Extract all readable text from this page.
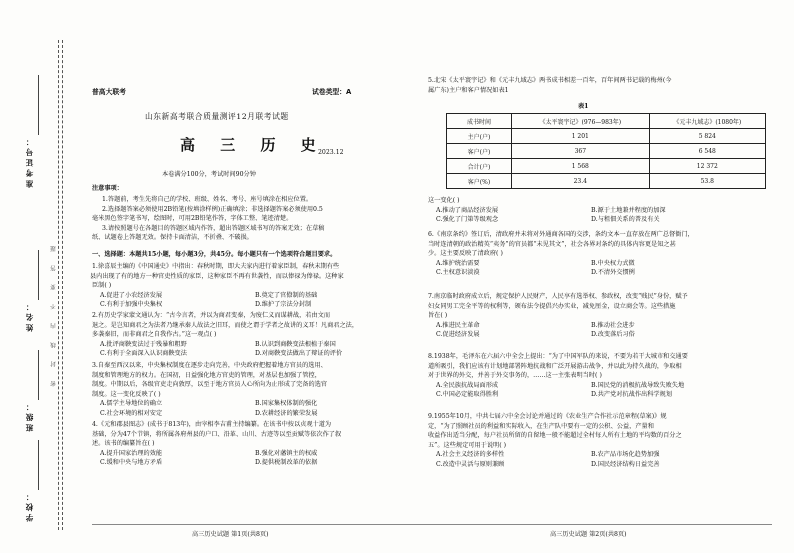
准考证号：
姓名：
班级：
学校：
密 封 线 内 不 要 答 题
普高大联考	试卷类型：A
山东新高考联合质量测评12月联考试题
高 三 历 史
2023.12
本卷满分100分，考试时间90分钟
注意事项：
1.答题前，考生先将自己的学校、班级、姓名、考号、座号填涂在相应位置。
2.选择题答案必须使用2B铅笔(按填涂样例)正确填涂；非选择题答案必须使用0.5
毫米黑色签字笔书写，绘图时，可用2B铅笔作答，字体工整、笔迹清楚。
3.请按照题号在各题目的答题区域内作答，超出答题区域书写的答案无效；在草稿
纸、试题卷上答题无效。保持卡面清洁，不折叠、不破损。
一、选择题：本题共15小题，每小题3分，共45分。每小题只有一个选项符合题目要求。
1.徐喜辰主编的《中国通史》中指出：春秋时期，即大夫家内进行着家臣制，春秋末期有些
县内出现了有的地方一种官吏性质的家臣，这种家臣不再有世袭性，而以俸禄为俸禄。这种家
臣制( )
A.促进了小农经济发展	B.奠定了官僚制的基础
C.有利于加强中央集权	D.维护了宗法分封制
2.有历史学家蒙文通认为：“古今言者，并以为商君变秦，为废仁义而谋耕战，若由文而
退之。是岂知商君之为法者乃继承秦人故法之旧耳，而使之谓于学者之故讲的义耳！凡商君之法，
多袭秦旧，而非商君之自我作古。”这一观点( )
A.批评商鞅变法过于残暴和粗野	B.认识到商鞅变法根植于秦国
C.有利于全面深入认识商鞅变法	D.对商鞅变法做出了辩证的评价
3.自秦至西汉以来，中央集权制度在逐步走向完善，中央政府把握着地方官员的选用、
制度和管理地方的权力。在国初，日益强化地方官吏的管理，对基层也加强了管控，
制度。中期以后，各级官吏走向敦厚，以至于地方官员人心所向为止形成了完备的选官
制度。这一变化反映了( )
A.儒学主导地位的确立	B.国家集权体制的强化
C.社会环境的相对安定	D.农耕经济的繁荣发展
4.《元和郡县图志》(成书于813年)，由宰相李吉甫主持编纂。在该书中按以贞观十道为
基础，分为47个节镇，将所属各府州县的户口、沿革、山川、古迹等以至贡赋等依次作了叙
述。该书的编纂旨在( )
A.提升国家治理的效能	B.强化对藩镇主的权威
C.缓和中央与地方矛盾	D.提供税制改革的依据
5.北宋《太平寰宇记》和《元丰九域志》两书成书相差一百年，百年间两书记载的梅州(今
属广东)主户和客户情况如表1
表1
成书时间	《太平寰宇记》(976—983年)	《元丰九域志》(1080年)
主户(户)	1 201	5 824
客户(户)	367	6 548
合计(户)	1 568	12 372
客户(%)	23.4	53.8
这一变化( )
A.推动了商品经济发展	B.源于土地兼并程度的加深
C.强化了门第等级观念	D.与租佃关系的普及有关
6.《南京条约》签订后，清政府并未将对外通商各国的交涉，条约文本一直存放在两广总督衙门，
当时连清朝的政治精英“夷务”的官员都“未见其文”，社会各界对条约的具体内容更是知之甚
少。这主要反映了清政府( )
A.维护统治需要	B.中央权力式微
C.主权意识淡漠	D.不清外交惯例
7.南京临时政府成立后，规定保护人民财产，人民享有选举权、参政权，改变“贱民”身份，赋予
妇女同男工完全平等的权利等，颁布法令提倡兴办实业，减免厘金，设立商会等。这些措施
旨在( )
A.推进民主革命	B.推动社会进步
C.促进经济发展	D.改变落后习俗
8.1938年，毛泽东在六届六中全会上提出：“为了中国军队的来说，不要为若干大城市和交通要
道所吸引，我们应该有计划地部署阵地抗战和广泛开展游击战争，并以此为持久战的，争取相
对于世界的外交，并善于外交事务的，……这一主张表明当时( )
A.全民族抗战局面形成	B.国民党的消极抗战导致失败失地
C.中国必定能取得胜利	D.共产党对抗战作出科学规划
9.1955年10月，中共七届六中全会讨论并通过的《农业生产合作社示范章程(草案)》规
定，“为了照顾社员的利益和实际收入，在生产队中要有一定的公积、公益，产量和
收益作出适当分配，每户社员所留的自留地一般不能超过全村每人所有土地的平均数的百分之
五”。这些规定可用于说明( )
A.社会主义经济的多样性	B.农产品市场化趋势加强
C.改造中灵活与原则兼顾	D.国民经济结构日益完善
高三历史试题 第1页(共8页)	高三历史试题 第2页(共8页)
